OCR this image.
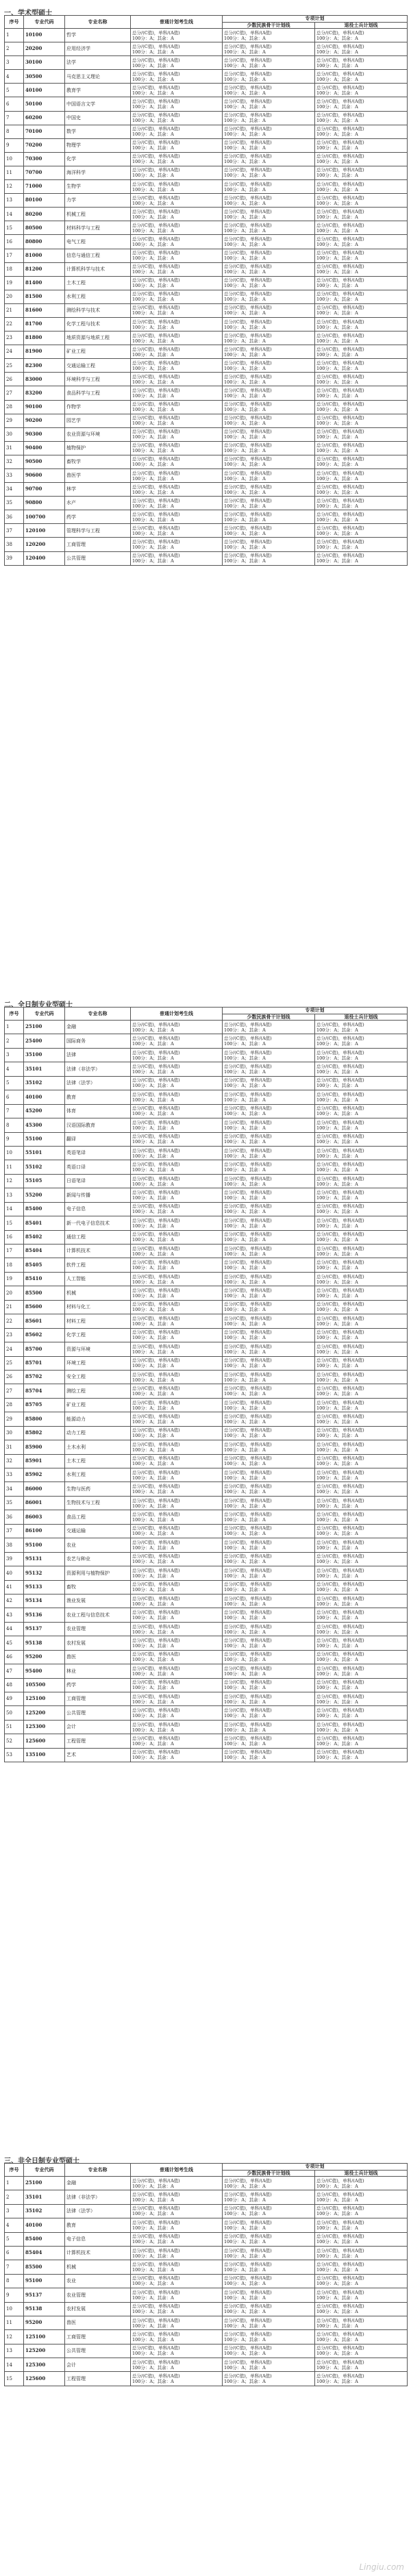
一、学术型硕士
序号	专业代码	专业名称	普通计划考生线	专项计划	
				少数民族骨干计划线	退役士兵计划线
1	10100	哲学	总分/(C值)，单科/(A值)
100分：A；其余：A	总分/(C值)，单科/(A值)
100分：A；其余：A	总分/(C值)，单科/(A值)
100分：A；其余：A
2	20200	应用经济学	总分/(C值)，单科/(A值)
100分：A；其余：A	总分/(C值)，单科/(A值)
100分：A；其余：A	总分/(C值)，单科/(A值)
100分：A；其余：A
3	30100	法学	总分/(C值)，单科/(A值)
100分：A；其余：A	总分/(C值)，单科/(A值)
100分：A；其余：A	总分/(C值)，单科/(A值)
100分：A；其余：A
4	30500	马克思主义理论	总分/(C值)，单科/(A值)
100分：A；其余：A	总分/(C值)，单科/(A值)
100分：A；其余：A	总分/(C值)，单科/(A值)
100分：A；其余：A
5	40100	教育学	总分/(C值)，单科/(A值)
100分：A；其余：A	总分/(C值)，单科/(A值)
100分：A；其余：A	总分/(C值)，单科/(A值)
100分：A；其余：A
6	50100	中国语言文学	总分/(C值)，单科/(A值)
100分：A；其余：A	总分/(C值)，单科/(A值)
100分：A；其余：A	总分/(C值)，单科/(A值)
100分：A；其余：A
7	60200	中国史	总分/(C值)，单科/(A值)
100分：A；其余：A	总分/(C值)，单科/(A值)
100分：A；其余：A	总分/(C值)，单科/(A值)
100分：A；其余：A
8	70100	数学	总分/(C值)，单科/(A值)
100分：A；其余：A	总分/(C值)，单科/(A值)
100分：A；其余：A	总分/(C值)，单科/(A值)
100分：A；其余：A
9	70200	物理学	总分/(C值)，单科/(A值)
100分：A；其余：A	总分/(C值)，单科/(A值)
100分：A；其余：A	总分/(C值)，单科/(A值)
100分：A；其余：A
10	70300	化学	总分/(C值)，单科/(A值)
100分：A；其余：A	总分/(C值)，单科/(A值)
100分：A；其余：A	总分/(C值)，单科/(A值)
100分：A；其余：A
11	70700	海洋科学	总分/(C值)，单科/(A值)
100分：A；其余：A	总分/(C值)，单科/(A值)
100分：A；其余：A	总分/(C值)，单科/(A值)
100分：A；其余：A
12	71000	生物学	总分/(C值)，单科/(A值)
100分：A；其余：A	总分/(C值)，单科/(A值)
100分：A；其余：A	总分/(C值)，单科/(A值)
100分：A；其余：A
13	80100	力学	总分/(C值)，单科/(A值)
100分：A；其余：A	总分/(C值)，单科/(A值)
100分：A；其余：A	总分/(C值)，单科/(A值)
100分：A；其余：A
14	80200	机械工程	总分/(C值)，单科/(A值)
100分：A；其余：A	总分/(C值)，单科/(A值)
100分：A；其余：A	总分/(C值)，单科/(A值)
100分：A；其余：A
15	80500	材料科学与工程	总分/(C值)，单科/(A值)
100分：A；其余：A	总分/(C值)，单科/(A值)
100分：A；其余：A	总分/(C值)，单科/(A值)
100分：A；其余：A
16	80800	电气工程	总分/(C值)，单科/(A值)
100分：A；其余：A	总分/(C值)，单科/(A值)
100分：A；其余：A	总分/(C值)，单科/(A值)
100分：A；其余：A
17	81000	信息与通信工程	总分/(C值)，单科/(A值)
100分：A；其余：A	总分/(C值)，单科/(A值)
100分：A；其余：A	总分/(C值)，单科/(A值)
100分：A；其余：A
18	81200	计算机科学与技术	总分/(C值)，单科/(A值)
100分：A；其余：A	总分/(C值)，单科/(A值)
100分：A；其余：A	总分/(C值)，单科/(A值)
100分：A；其余：A
19	81400	土木工程	总分/(C值)，单科/(A值)
100分：A；其余：A	总分/(C值)，单科/(A值)
100分：A；其余：A	总分/(C值)，单科/(A值)
100分：A；其余：A
20	81500	水利工程	总分/(C值)，单科/(A值)
100分：A；其余：A	总分/(C值)，单科/(A值)
100分：A；其余：A	总分/(C值)，单科/(A值)
100分：A；其余：A
21	81600	测绘科学与技术	总分/(C值)，单科/(A值)
100分：A；其余：A	总分/(C值)，单科/(A值)
100分：A；其余：A	总分/(C值)，单科/(A值)
100分：A；其余：A
22	81700	化学工程与技术	总分/(C值)，单科/(A值)
100分：A；其余：A	总分/(C值)，单科/(A值)
100分：A；其余：A	总分/(C值)，单科/(A值)
100分：A；其余：A
23	81800	地质资源与地质工程	总分/(C值)，单科/(A值)
100分：A；其余：A	总分/(C值)，单科/(A值)
100分：A；其余：A	总分/(C值)，单科/(A值)
100分：A；其余：A
24	81900	矿业工程	总分/(C值)，单科/(A值)
100分：A；其余：A	总分/(C值)，单科/(A值)
100分：A；其余：A	总分/(C值)，单科/(A值)
100分：A；其余：A
25	82300	交通运输工程	总分/(C值)，单科/(A值)
100分：A；其余：A	总分/(C值)，单科/(A值)
100分：A；其余：A	总分/(C值)，单科/(A值)
100分：A；其余：A
26	83000	环境科学与工程	总分/(C值)，单科/(A值)
100分：A；其余：A	总分/(C值)，单科/(A值)
100分：A；其余：A	总分/(C值)，单科/(A值)
100分：A；其余：A
27	83200	食品科学与工程	总分/(C值)，单科/(A值)
100分：A；其余：A	总分/(C值)，单科/(A值)
100分：A；其余：A	总分/(C值)，单科/(A值)
100分：A；其余：A
28	90100	作物学	总分/(C值)，单科/(A值)
100分：A；其余：A	总分/(C值)，单科/(A值)
100分：A；其余：A	总分/(C值)，单科/(A值)
100分：A；其余：A
29	90200	园艺学	总分/(C值)，单科/(A值)
100分：A；其余：A	总分/(C值)，单科/(A值)
100分：A；其余：A	总分/(C值)，单科/(A值)
100分：A；其余：A
30	90300	农业资源与环境	总分/(C值)，单科/(A值)
100分：A；其余：A	总分/(C值)，单科/(A值)
100分：A；其余：A	总分/(C值)，单科/(A值)
100分：A；其余：A
31	90400	植物保护	总分/(C值)，单科/(A值)
100分：A；其余：A	总分/(C值)，单科/(A值)
100分：A；其余：A	总分/(C值)，单科/(A值)
100分：A；其余：A
32	90500	畜牧学	总分/(C值)，单科/(A值)
100分：A；其余：A	总分/(C值)，单科/(A值)
100分：A；其余：A	总分/(C值)，单科/(A值)
100分：A；其余：A
33	90600	兽医学	总分/(C值)，单科/(A值)
100分：A；其余：A	总分/(C值)，单科/(A值)
100分：A；其余：A	总分/(C值)，单科/(A值)
100分：A；其余：A
34	90700	林学	总分/(C值)，单科/(A值)
100分：A；其余：A	总分/(C值)，单科/(A值)
100分：A；其余：A	总分/(C值)，单科/(A值)
100分：A；其余：A
35	90800	水产	总分/(C值)，单科/(A值)
100分：A；其余：A	总分/(C值)，单科/(A值)
100分：A；其余：A	总分/(C值)，单科/(A值)
100分：A；其余：A
36	100700	药学	总分/(C值)，单科/(A值)
100分：A；其余：A	总分/(C值)，单科/(A值)
100分：A；其余：A	总分/(C值)，单科/(A值)
100分：A；其余：A
37	120100	管理科学与工程	总分/(C值)，单科/(A值)
100分：A；其余：A	总分/(C值)，单科/(A值)
100分：A；其余：A	总分/(C值)，单科/(A值)
100分：A；其余：A
38	120200	工商管理	总分/(C值)，单科/(A值)
100分：A；其余：A	总分/(C值)，单科/(A值)
100分：A；其余：A	总分/(C值)，单科/(A值)
100分：A；其余：A
39	120400	公共管理	总分/(C值)，单科/(A值)
100分：A；其余：A	总分/(C值)，单科/(A值)
100分：A；其余：A	总分/(C值)，单科/(A值)
100分：A；其余：A
二、全日制专业型硕士
序号	专业代码	专业名称	普通计划考生线	专项计划	
				少数民族骨干计划线	退役士兵计划线
1	25100	金融	总分/(C值)，单科/(A值)
100分：A；其余：A	总分/(C值)，单科/(A值)
100分：A；其余：A	总分/(C值)，单科/(A值)
100分：A；其余：A
2	25400	国际商务	总分/(C值)，单科/(A值)
100分：A；其余：A	总分/(C值)，单科/(A值)
100分：A；其余：A	总分/(C值)，单科/(A值)
100分：A；其余：A
3	35100	法律	总分/(C值)，单科/(A值)
100分：A；其余：A	总分/(C值)，单科/(A值)
100分：A；其余：A	总分/(C值)，单科/(A值)
100分：A；其余：A
4	35101	法律（非法学）	总分/(C值)，单科/(A值)
100分：A；其余：A	总分/(C值)，单科/(A值)
100分：A；其余：A	总分/(C值)，单科/(A值)
100分：A；其余：A
5	35102	法律（法学）	总分/(C值)，单科/(A值)
100分：A；其余：A	总分/(C值)，单科/(A值)
100分：A；其余：A	总分/(C值)，单科/(A值)
100分：A；其余：A
6	40100	教育	总分/(C值)，单科/(A值)
100分：A；其余：A	总分/(C值)，单科/(A值)
100分：A；其余：A	总分/(C值)，单科/(A值)
100分：A；其余：A
7	45200	体育	总分/(C值)，单科/(A值)
100分：A；其余：A	总分/(C值)，单科/(A值)
100分：A；其余：A	总分/(C值)，单科/(A值)
100分：A；其余：A
8	45300	汉语国际教育	总分/(C值)，单科/(A值)
100分：A；其余：A	总分/(C值)，单科/(A值)
100分：A；其余：A	总分/(C值)，单科/(A值)
100分：A；其余：A
9	55100	翻译	总分/(C值)，单科/(A值)
100分：A；其余：A	总分/(C值)，单科/(A值)
100分：A；其余：A	总分/(C值)，单科/(A值)
100分：A；其余：A
10	55101	英语笔译	总分/(C值)，单科/(A值)
100分：A；其余：A	总分/(C值)，单科/(A值)
100分：A；其余：A	总分/(C值)，单科/(A值)
100分：A；其余：A
11	55102	英语口译	总分/(C值)，单科/(A值)
100分：A；其余：A	总分/(C值)，单科/(A值)
100分：A；其余：A	总分/(C值)，单科/(A值)
100分：A；其余：A
12	55105	日语笔译	总分/(C值)，单科/(A值)
100分：A；其余：A	总分/(C值)，单科/(A值)
100分：A；其余：A	总分/(C值)，单科/(A值)
100分：A；其余：A
13	55200	新闻与传播	总分/(C值)，单科/(A值)
100分：A；其余：A	总分/(C值)，单科/(A值)
100分：A；其余：A	总分/(C值)，单科/(A值)
100分：A；其余：A
14	85400	电子信息	总分/(C值)，单科/(A值)
100分：A；其余：A	总分/(C值)，单科/(A值)
100分：A；其余：A	总分/(C值)，单科/(A值)
100分：A；其余：A
15	85401	新一代电子信息技术	总分/(C值)，单科/(A值)
100分：A；其余：A	总分/(C值)，单科/(A值)
100分：A；其余：A	总分/(C值)，单科/(A值)
100分：A；其余：A
16	85402	通信工程	总分/(C值)，单科/(A值)
100分：A；其余：A	总分/(C值)，单科/(A值)
100分：A；其余：A	总分/(C值)，单科/(A值)
100分：A；其余：A
17	85404	计算机技术	总分/(C值)，单科/(A值)
100分：A；其余：A	总分/(C值)，单科/(A值)
100分：A；其余：A	总分/(C值)，单科/(A值)
100分：A；其余：A
18	85405	软件工程	总分/(C值)，单科/(A值)
100分：A；其余：A	总分/(C值)，单科/(A值)
100分：A；其余：A	总分/(C值)，单科/(A值)
100分：A；其余：A
19	85410	人工智能	总分/(C值)，单科/(A值)
100分：A；其余：A	总分/(C值)，单科/(A值)
100分：A；其余：A	总分/(C值)，单科/(A值)
100分：A；其余：A
20	85500	机械	总分/(C值)，单科/(A值)
100分：A；其余：A	总分/(C值)，单科/(A值)
100分：A；其余：A	总分/(C值)，单科/(A值)
100分：A；其余：A
21	85600	材料与化工	总分/(C值)，单科/(A值)
100分：A；其余：A	总分/(C值)，单科/(A值)
100分：A；其余：A	总分/(C值)，单科/(A值)
100分：A；其余：A
22	85601	材料工程	总分/(C值)，单科/(A值)
100分：A；其余：A	总分/(C值)，单科/(A值)
100分：A；其余：A	总分/(C值)，单科/(A值)
100分：A；其余：A
23	85602	化学工程	总分/(C值)，单科/(A值)
100分：A；其余：A	总分/(C值)，单科/(A值)
100分：A；其余：A	总分/(C值)，单科/(A值)
100分：A；其余：A
24	85700	资源与环境	总分/(C值)，单科/(A值)
100分：A；其余：A	总分/(C值)，单科/(A值)
100分：A；其余：A	总分/(C值)，单科/(A值)
100分：A；其余：A
25	85701	环境工程	总分/(C值)，单科/(A值)
100分：A；其余：A	总分/(C值)，单科/(A值)
100分：A；其余：A	总分/(C值)，单科/(A值)
100分：A；其余：A
26	85702	安全工程	总分/(C值)，单科/(A值)
100分：A；其余：A	总分/(C值)，单科/(A值)
100分：A；其余：A	总分/(C值)，单科/(A值)
100分：A；其余：A
27	85704	测绘工程	总分/(C值)，单科/(A值)
100分：A；其余：A	总分/(C值)，单科/(A值)
100分：A；其余：A	总分/(C值)，单科/(A值)
100分：A；其余：A
28	85705	矿业工程	总分/(C值)，单科/(A值)
100分：A；其余：A	总分/(C值)，单科/(A值)
100分：A；其余：A	总分/(C值)，单科/(A值)
100分：A；其余：A
29	85800	能源动力	总分/(C值)，单科/(A值)
100分：A；其余：A	总分/(C值)，单科/(A值)
100分：A；其余：A	总分/(C值)，单科/(A值)
100分：A；其余：A
30	85802	动力工程	总分/(C值)，单科/(A值)
100分：A；其余：A	总分/(C值)，单科/(A值)
100分：A；其余：A	总分/(C值)，单科/(A值)
100分：A；其余：A
31	85900	土木水利	总分/(C值)，单科/(A值)
100分：A；其余：A	总分/(C值)，单科/(A值)
100分：A；其余：A	总分/(C值)，单科/(A值)
100分：A；其余：A
32	85901	土木工程	总分/(C值)，单科/(A值)
100分：A；其余：A	总分/(C值)，单科/(A值)
100分：A；其余：A	总分/(C值)，单科/(A值)
100分：A；其余：A
33	85902	水利工程	总分/(C值)，单科/(A值)
100分：A；其余：A	总分/(C值)，单科/(A值)
100分：A；其余：A	总分/(C值)，单科/(A值)
100分：A；其余：A
34	86000	生物与医药	总分/(C值)，单科/(A值)
100分：A；其余：A	总分/(C值)，单科/(A值)
100分：A；其余：A	总分/(C值)，单科/(A值)
100分：A；其余：A
35	86001	生物技术与工程	总分/(C值)，单科/(A值)
100分：A；其余：A	总分/(C值)，单科/(A值)
100分：A；其余：A	总分/(C值)，单科/(A值)
100分：A；其余：A
36	86003	食品工程	总分/(C值)，单科/(A值)
100分：A；其余：A	总分/(C值)，单科/(A值)
100分：A；其余：A	总分/(C值)，单科/(A值)
100分：A；其余：A
37	86100	交通运输	总分/(C值)，单科/(A值)
100分：A；其余：A	总分/(C值)，单科/(A值)
100分：A；其余：A	总分/(C值)，单科/(A值)
100分：A；其余：A
38	95100	农业	总分/(C值)，单科/(A值)
100分：A；其余：A	总分/(C值)，单科/(A值)
100分：A；其余：A	总分/(C值)，单科/(A值)
100分：A；其余：A
39	95131	农艺与种业	总分/(C值)，单科/(A值)
100分：A；其余：A	总分/(C值)，单科/(A值)
100分：A；其余：A	总分/(C值)，单科/(A值)
100分：A；其余：A
40	95132	资源利用与植物保护	总分/(C值)，单科/(A值)
100分：A；其余：A	总分/(C值)，单科/(A值)
100分：A；其余：A	总分/(C值)，单科/(A值)
100分：A；其余：A
41	95133	畜牧	总分/(C值)，单科/(A值)
100分：A；其余：A	总分/(C值)，单科/(A值)
100分：A；其余：A	总分/(C值)，单科/(A值)
100分：A；其余：A
42	95134	渔业发展	总分/(C值)，单科/(A值)
100分：A；其余：A	总分/(C值)，单科/(A值)
100分：A；其余：A	总分/(C值)，单科/(A值)
100分：A；其余：A
43	95136	农业工程与信息技术	总分/(C值)，单科/(A值)
100分：A；其余：A	总分/(C值)，单科/(A值)
100分：A；其余：A	总分/(C值)，单科/(A值)
100分：A；其余：A
44	95137	农业管理	总分/(C值)，单科/(A值)
100分：A；其余：A	总分/(C值)，单科/(A值)
100分：A；其余：A	总分/(C值)，单科/(A值)
100分：A；其余：A
45	95138	农村发展	总分/(C值)，单科/(A值)
100分：A；其余：A	总分/(C值)，单科/(A值)
100分：A；其余：A	总分/(C值)，单科/(A值)
100分：A；其余：A
46	95200	兽医	总分/(C值)，单科/(A值)
100分：A；其余：A	总分/(C值)，单科/(A值)
100分：A；其余：A	总分/(C值)，单科/(A值)
100分：A；其余：A
47	95400	林业	总分/(C值)，单科/(A值)
100分：A；其余：A	总分/(C值)，单科/(A值)
100分：A；其余：A	总分/(C值)，单科/(A值)
100分：A；其余：A
48	105500	药学	总分/(C值)，单科/(A值)
100分：A；其余：A	总分/(C值)，单科/(A值)
100分：A；其余：A	总分/(C值)，单科/(A值)
100分：A；其余：A
49	125100	工商管理	总分/(C值)，单科/(A值)
100分：A；其余：A	总分/(C值)，单科/(A值)
100分：A；其余：A	总分/(C值)，单科/(A值)
100分：A；其余：A
50	125200	公共管理	总分/(C值)，单科/(A值)
100分：A；其余：A	总分/(C值)，单科/(A值)
100分：A；其余：A	总分/(C值)，单科/(A值)
100分：A；其余：A
51	125300	会计	总分/(C值)，单科/(A值)
100分：A；其余：A	总分/(C值)，单科/(A值)
100分：A；其余：A	总分/(C值)，单科/(A值)
100分：A；其余：A
52	125600	工程管理	总分/(C值)，单科/(A值)
100分：A；其余：A	总分/(C值)，单科/(A值)
100分：A；其余：A	总分/(C值)，单科/(A值)
100分：A；其余：A
53	135100	艺术	总分/(C值)，单科/(A值)
100分：A；其余：A	总分/(C值)，单科/(A值)
100分：A；其余：A	总分/(C值)，单科/(A值)
100分：A；其余：A
三、非全日制专业型硕士
序号	专业代码	专业名称	普通计划考生线	专项计划	
				少数民族骨干计划线	退役士兵计划线
1	25100	金融	总分/(C值)，单科/(A值)
100分：A；其余：A	总分/(C值)，单科/(A值)
100分：A；其余：A	总分/(C值)，单科/(A值)
100分：A；其余：A
2	35101	法律（非法学）	总分/(C值)，单科/(A值)
100分：A；其余：A	总分/(C值)，单科/(A值)
100分：A；其余：A	总分/(C值)，单科/(A值)
100分：A；其余：A
3	35102	法律（法学）	总分/(C值)，单科/(A值)
100分：A；其余：A	总分/(C值)，单科/(A值)
100分：A；其余：A	总分/(C值)，单科/(A值)
100分：A；其余：A
4	40100	教育	总分/(C值)，单科/(A值)
100分：A；其余：A	总分/(C值)，单科/(A值)
100分：A；其余：A	总分/(C值)，单科/(A值)
100分：A；其余：A
5	85400	电子信息	总分/(C值)，单科/(A值)
100分：A；其余：A	总分/(C值)，单科/(A值)
100分：A；其余：A	总分/(C值)，单科/(A值)
100分：A；其余：A
6	85404	计算机技术	总分/(C值)，单科/(A值)
100分：A；其余：A	总分/(C值)，单科/(A值)
100分：A；其余：A	总分/(C值)，单科/(A值)
100分：A；其余：A
7	85500	机械	总分/(C值)，单科/(A值)
100分：A；其余：A	总分/(C值)，单科/(A值)
100分：A；其余：A	总分/(C值)，单科/(A值)
100分：A；其余：A
8	95100	农业	总分/(C值)，单科/(A值)
100分：A；其余：A	总分/(C值)，单科/(A值)
100分：A；其余：A	总分/(C值)，单科/(A值)
100分：A；其余：A
9	95137	农业管理	总分/(C值)，单科/(A值)
100分：A；其余：A	总分/(C值)，单科/(A值)
100分：A；其余：A	总分/(C值)，单科/(A值)
100分：A；其余：A
10	95138	农村发展	总分/(C值)，单科/(A值)
100分：A；其余：A	总分/(C值)，单科/(A值)
100分：A；其余：A	总分/(C值)，单科/(A值)
100分：A；其余：A
11	95200	兽医	总分/(C值)，单科/(A值)
100分：A；其余：A	总分/(C值)，单科/(A值)
100分：A；其余：A	总分/(C值)，单科/(A值)
100分：A；其余：A
12	125100	工商管理	总分/(C值)，单科/(A值)
100分：A；其余：A	总分/(C值)，单科/(A值)
100分：A；其余：A	总分/(C值)，单科/(A值)
100分：A；其余：A
13	125200	公共管理	总分/(C值)，单科/(A值)
100分：A；其余：A	总分/(C值)，单科/(A值)
100分：A；其余：A	总分/(C值)，单科/(A值)
100分：A；其余：A
14	125300	会计	总分/(C值)，单科/(A值)
100分：A；其余：A	总分/(C值)，单科/(A值)
100分：A；其余：A	总分/(C值)，单科/(A值)
100分：A；其余：A
15	125600	工程管理	总分/(C值)，单科/(A值)
100分：A；其余：A	总分/(C值)，单科/(A值)
100分：A；其余：A	总分/(C值)，单科/(A值)
100分：A；其余：A
Lingiu.com
